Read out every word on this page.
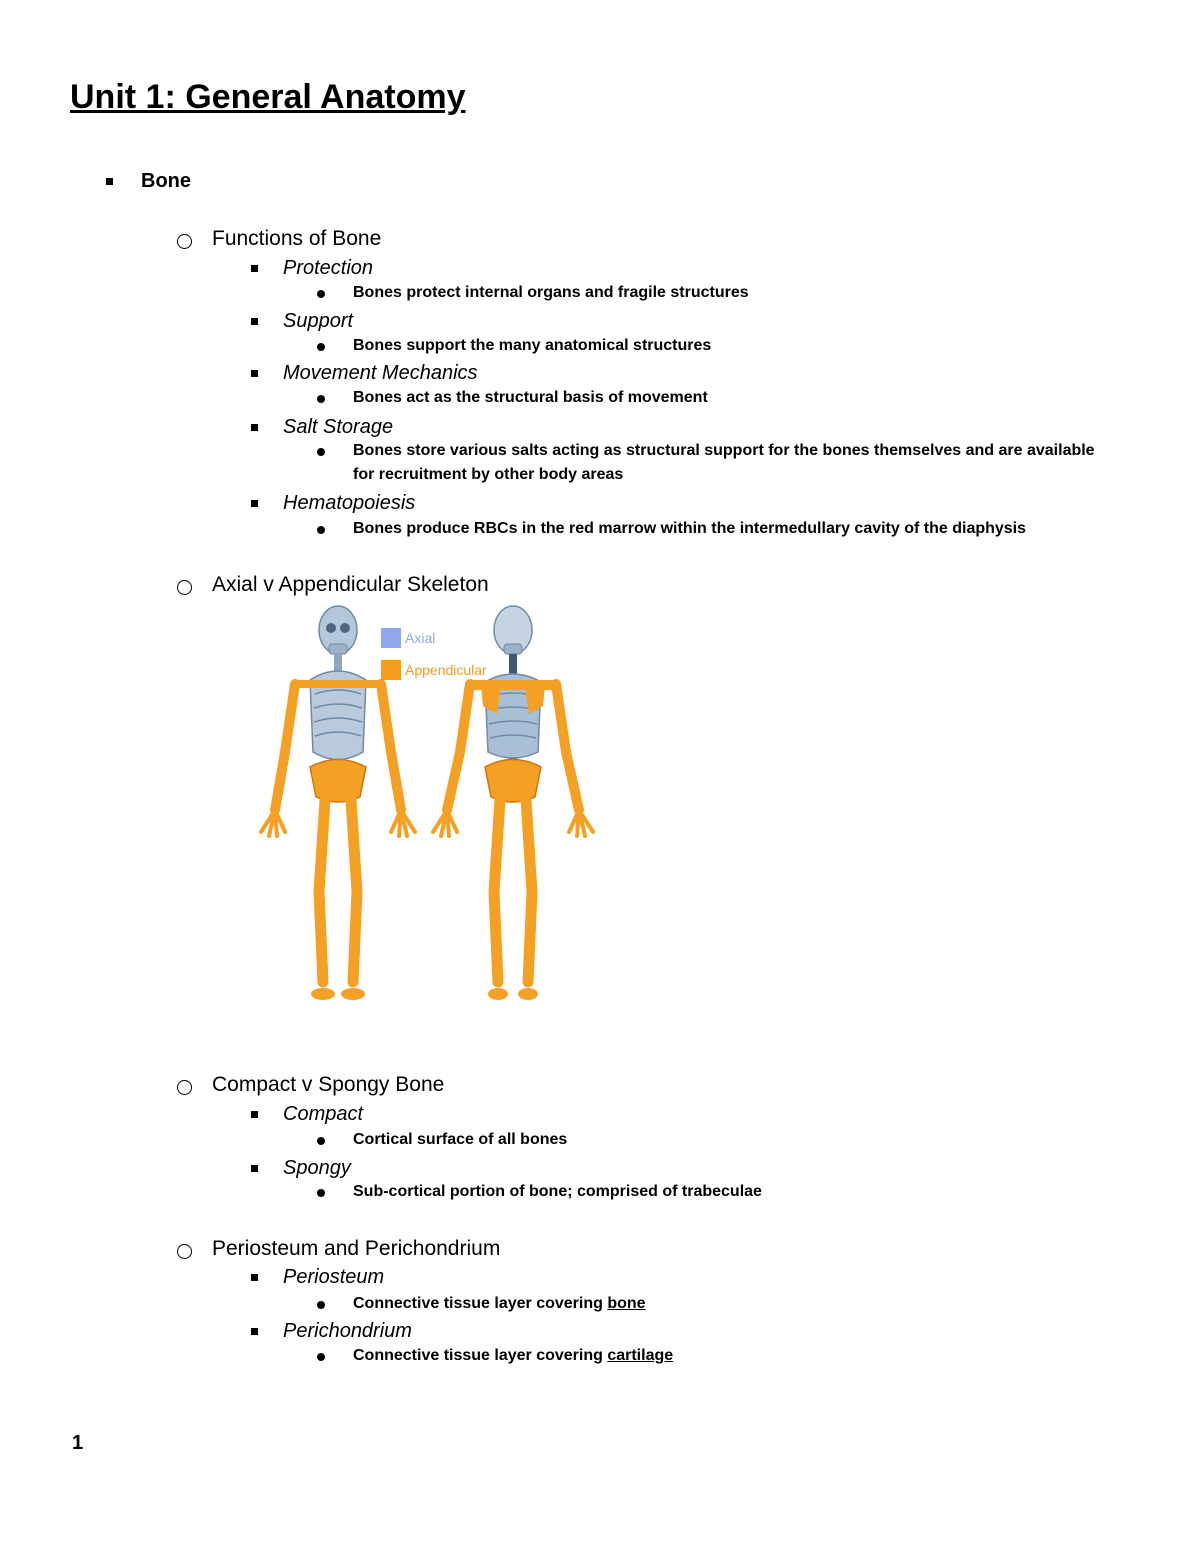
Unit 1: General Anatomy
Bone
Functions of Bone
Protection
Bones protect internal organs and fragile structures
Support
Bones support the many anatomical structures
Movement Mechanics
Bones act as the structural basis of movement
Salt Storage
Bones store various salts acting as structural support for the bones themselves and are available
for recruitment by other body areas
Hematopoiesis
Bones produce RBCs in the red marrow within the intermedullary cavity of the diaphysis
Axial v Appendicular Skeleton
Axial
Appendicular
Compact v Spongy Bone
Compact
Cortical surface of all bones
Spongy
Sub-cortical portion of bone; comprised of trabeculae
Periosteum and Perichondrium
Periosteum
Connective tissue layer covering bone
Perichondrium
Connective tissue layer covering cartilage
1
